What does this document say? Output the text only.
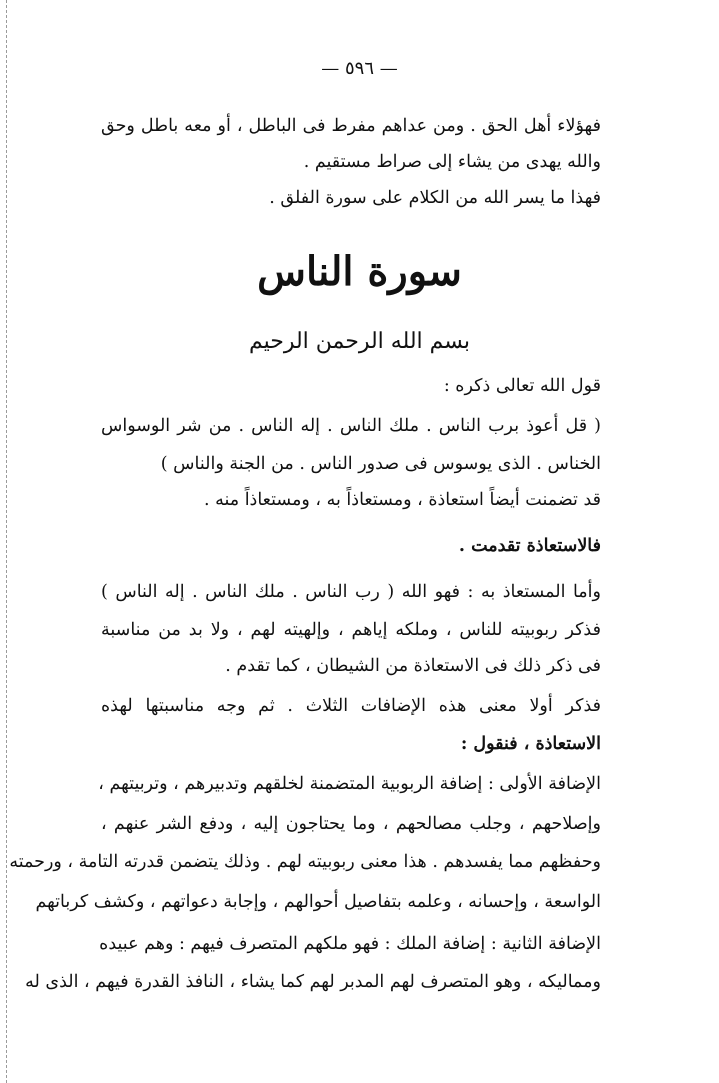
— ٥٩٦ —
فهؤلاء أهل الحق . ومن عداهم مفرط فى الباطل ، أو معه باطل وحق
والله يهدى من يشاء إلى صراط مستقيم .
فهذا ما يسر الله من الكلام على سورة الفلق .
سورة الناس
بسم الله الرحمن الرحيم
قول الله تعالى ذكره :
( قل أعوذ برب الناس . ملك الناس . إله الناس . من شر الوسواس
الخناس . الذى يوسوس فى صدور الناس . من الجنة والناس )
قد تضمنت أيضاً استعاذة ، ومستعاذاً به ، ومستعاذاً منه .
فالاستعاذة تقدمت .
وأما المستعاذ به : فهو الله ( رب الناس . ملك الناس . إله الناس )
فذكر ربوبيته للناس ، وملكه إياهم ، وإلهيته لهم ، ولا بد من مناسبة
فى ذكر ذلك فى الاستعاذة من الشيطان ، كما تقدم .
فذكر أولا معنى هذه الإضافات الثلاث . ثم وجه مناسبتها لهذه
الاستعاذة ، فنقول :
الإضافة الأولى : إضافة الربوبية المتضمنة لخلقهم وتدبيرهم ، وتربيتهم ،
وإصلاحهم ، وجلب مصالحهم ، وما يحتاجون إليه ، ودفع الشر عنهم ،
وحفظهم مما يفسدهم . هذا معنى ربوبيته لهم . وذلك يتضمن قدرته التامة ، ورحمته
الواسعة ، وإحسانه ، وعلمه بتفاصيل أحوالهم ، وإجابة دعواتهم ، وكشف كرباتهم
الإضافة الثانية : إضافة الملك : فهو ملكهم المتصرف فيهم : وهم عبيده
ومماليكه ، وهو المتصرف لهم المدبر لهم كما يشاء ، النافذ القدرة فيهم ، الذى له
